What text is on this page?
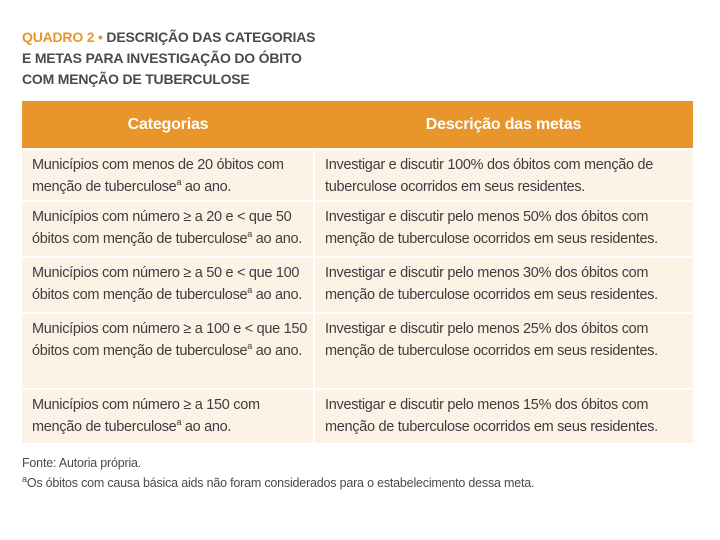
QUADRO 2 • DESCRIÇÃO DAS CATEGORIAS E METAS PARA INVESTIGAÇÃO DO ÓBITO COM MENÇÃO DE TUBERCULOSE
Categorias	Descrição das metas
Municípios com menos de 20 óbitos com menção de tuberculose$^a$ ao ano.	Investigar e discutir 100% dos óbitos com menção de tuberculose ocorridos em seus residentes.
Municípios com número ≥ a 20 e < que 50 óbitos com menção de tuberculose$^a$ ao ano.	Investigar e discutir pelo menos 50% dos óbitos com menção de tuberculose ocorridos em seus residentes.
Municípios com número ≥ a 50 e < que 100 óbitos com menção de tuberculose$^a$ ao ano.	Investigar e discutir pelo menos 30% dos óbitos com menção de tuberculose ocorridos em seus residentes.
Municípios com número ≥ a 100 e < que 150 óbitos com menção de tuberculose$^a$ ao ano.	Investigar e discutir pelo menos 25% dos óbitos com menção de tuberculose ocorridos em seus residentes.
Municípios com número ≥ a 150 com menção de tuberculose$^a$ ao ano.	Investigar e discutir pelo menos 15% dos óbitos com menção de tuberculose ocorridos em seus residentes.
Fonte: Autoria própria.
$^a$Os óbitos com causa básica aids não foram considerados para o estabelecimento dessa meta.
